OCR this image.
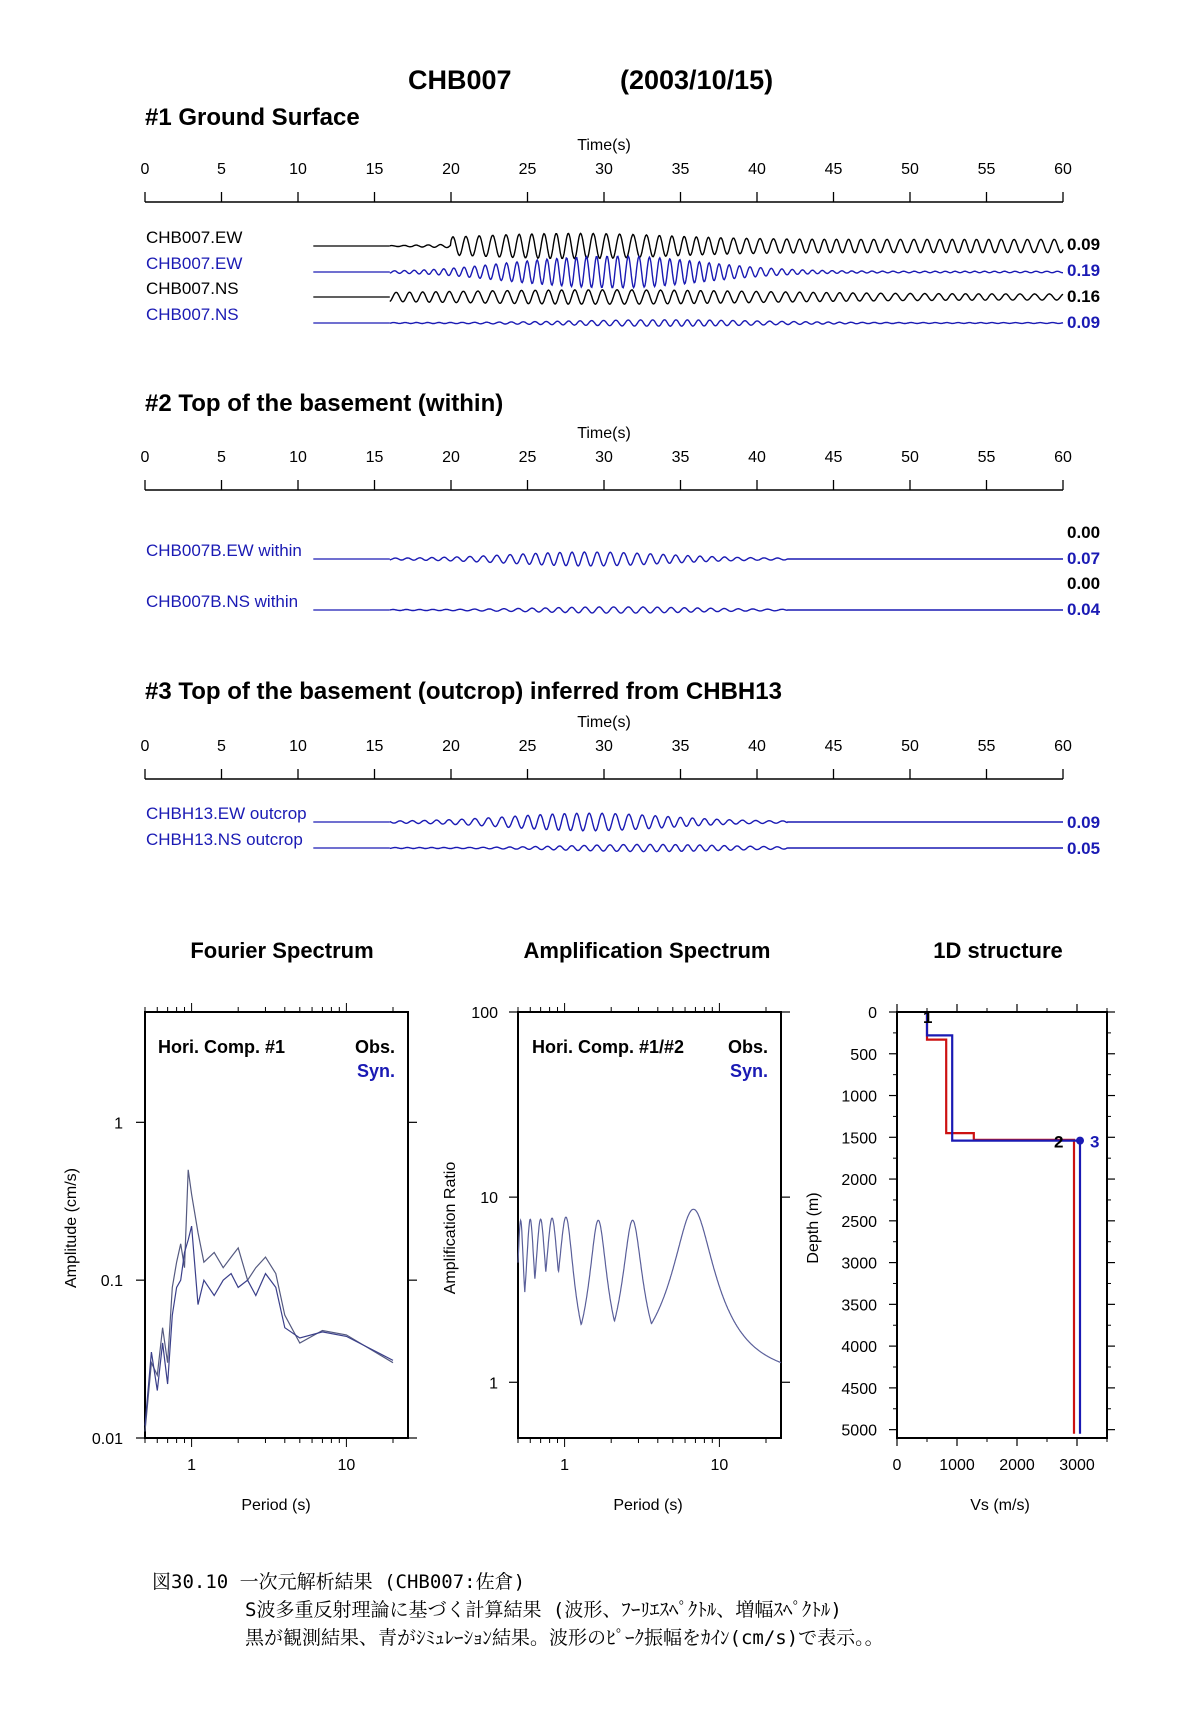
CHB007	(2003/10/15)
#1 Ground Surface
#2 Top of the basement (within)
#3 Top of the basement (outcrop) inferred from CHBH13
Time(s)
0	5	10	15	20	25	30	35	40	45	50	55	60
CHB007.EW	0.09
CHB007.EW	0.19
CHB007.NS	0.16
CHB007.NS	0.09
Time(s)
0	5	10	15	20	25	30	35	40	45	50	55	60
0.00
CHB007B.EW within	0.07
0.00
CHB007B.NS within	0.04
Time(s)
0	5	10	15	20	25	30	35	40	45	50	55	60
CHBH13.EW outcrop	0.09
CHBH13.NS outcrop	0.05
Fourier Spectrum	Amplification Spectrum	1D structure
1
0.1
0.01
1	10
Period (s)
Amplitude (cm/s)
Hori. Comp. #1	Obs.
Syn.
100
10
1
1	10
Period (s)
Amplification Ratio
Hori. Comp. #1/#2 Obs.
Syn.
0
500
1000
1500
2000
2500
3000
3500
4000
4500
5000
0 1000 2000 3000
Vs (m/s)
Depth (m)
1
2 3
図30.10 一次元解析結果 (CHB007:佐倉)
S波多重反射理論に基づく計算結果 (波形、ﾌｰﾘｴｽﾍﾟｸﾄﾙ、増幅ｽﾍﾟｸﾄﾙ)
黒が観測結果、青がｼﾐｭﾚｰｼｮﾝ結果。波形のﾋﾟｰｸ振幅をｶｲﾝ(cm/s)で表示。。
